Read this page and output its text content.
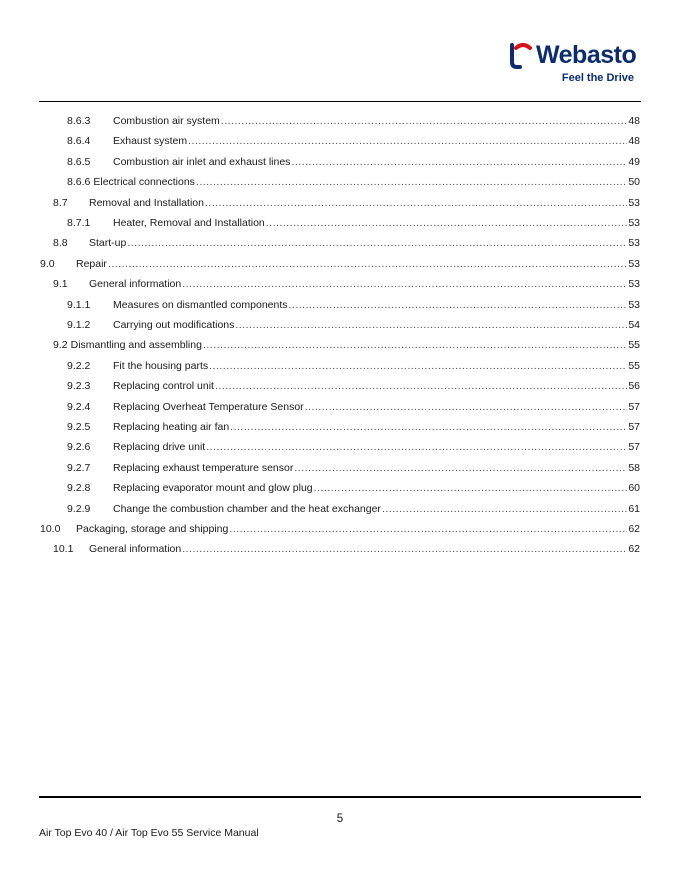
Webasto
Feel the Drive
8.6.3	Combustion air system .....	48
8.6.4	Exhaust system .....	48
8.6.5	Combustion air inlet and exhaust lines .....	49
8.6.6 Electrical connections .....	50
8.7	Removal and Installation .....	53
8.7.1	Heater, Removal and Installation .....	53
8.8	Start-up .....	53
9.0	Repair .....	53
9.1	General information .....	53
9.1.1	Measures on dismantled components .....	53
9.1.2	Carrying out modifications .....	54
9.2 Dismantling and assembling .....	55
9.2.2	Fit the housing parts .....	55
9.2.3	Replacing control unit .....	56
9.2.4	Replacing Overheat Temperature Sensor .....	57
9.2.5	Replacing heating air fan .....	57
9.2.6	Replacing drive unit .....	57
9.2.7	Replacing exhaust temperature sensor .....	58
9.2.8	Replacing evaporator mount and glow plug .....	60
9.2.9	Change the combustion chamber and the heat exchanger .....	61
10.0	Packaging, storage and shipping .....	62
10.1	General information .....	62
5
Air Top Evo 40 / Air Top Evo 55 Service Manual
